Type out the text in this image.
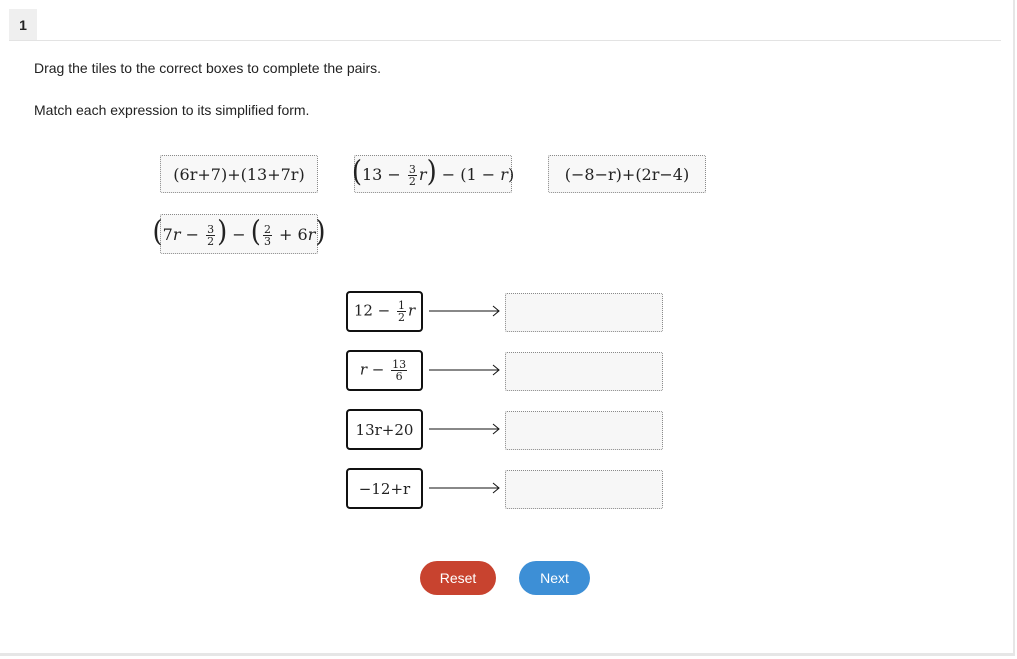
1
Drag the tiles to the correct boxes to complete the pairs.
Match each expression to its simplified form.
(6r+7)+(13+7r)	$(13 - \frac{3}{2} r) - (1 - r)$	(−8−r)+(2r−4)
($7r - \frac{3}{2}$ ) − ( $\frac{2}{3} + 6r$)
$12 - \frac{1}{2}$ r
$r - \frac{13}{6}$
13r+20
−12+r
Reset	Next
